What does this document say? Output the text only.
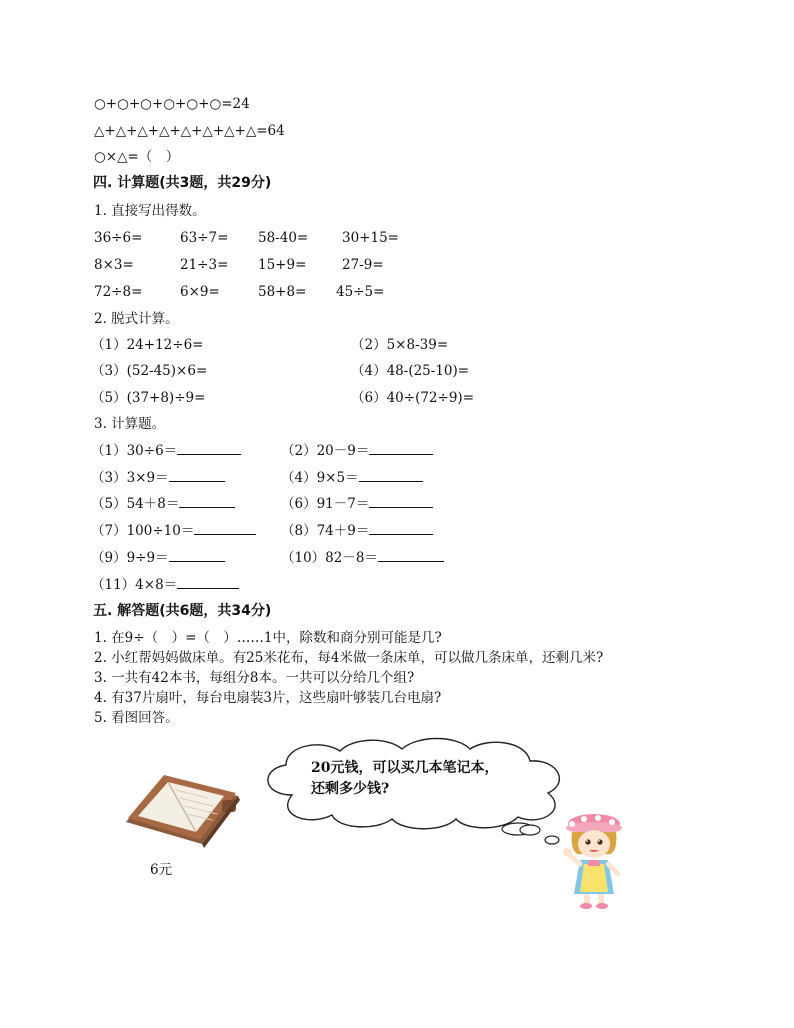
○+○+○+○+○+○=24
△+△+△+△+△+△+△+△=64
○×△=（　）
四. 计算题(共3题，共29分)
1. 直接写出得数。
36÷6=	63÷7= 58-40=	30+15=
8×3=	21÷3= 15+9=	27-9=
72÷8=	6×9=	58+8= 45÷5=
2. 脱式计算。
（1）24+12÷6=	（2）5×8-39=
（3）(52-45)×6=	（4）48-(25-10)=
（5）(37+8)÷9=	（6）40÷(72÷9)=
3. 计算题。
（1）30÷6＝	（2）20－9＝
（3）3×9＝	（4）9×5＝
（5）54＋8＝	（6）91－7＝
（7）100÷10＝	（8）74＋9＝
（9）9÷9＝	（10）82－8＝
（11）4×8＝
五. 解答题(共6题，共34分)
1. 在9÷（　）=（　）……1中，除数和商分别可能是几?
2. 小红帮妈妈做床单。有25米花布，每4米做一条床单，可以做几条床单，还剩几米?
3. 一共有42本书，每组分8本。一共可以分给几个组?
4. 有37片扇叶，每台电扇装3片，这些扇叶够装几台电扇?
5. 看图回答。
6元
20元钱，可以买几本笔记本，
还剩多少钱?
